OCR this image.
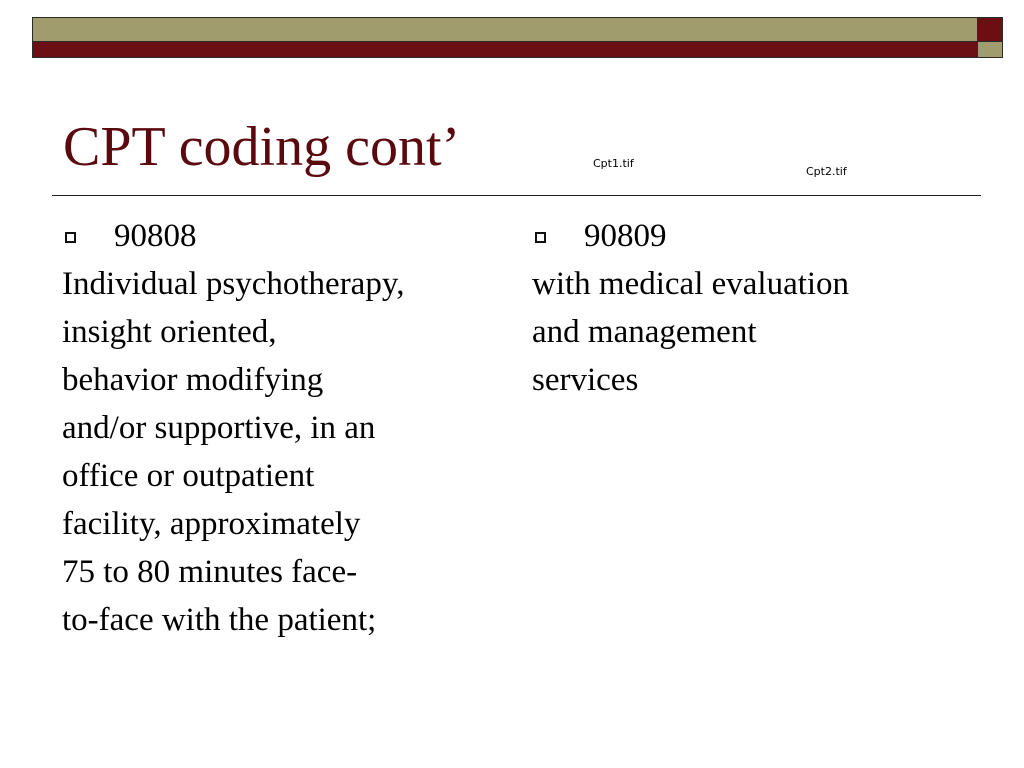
CPT coding cont’	Cpt1.tif
Cpt2.tif
90808

Individual psychotherapy,
insight oriented,
behavior modifying
and/or supportive, in an
office or outpatient
facility, approximately
75 to 80 minutes face-
to-face with the patient;

90809

with medical evaluation
and management
services
